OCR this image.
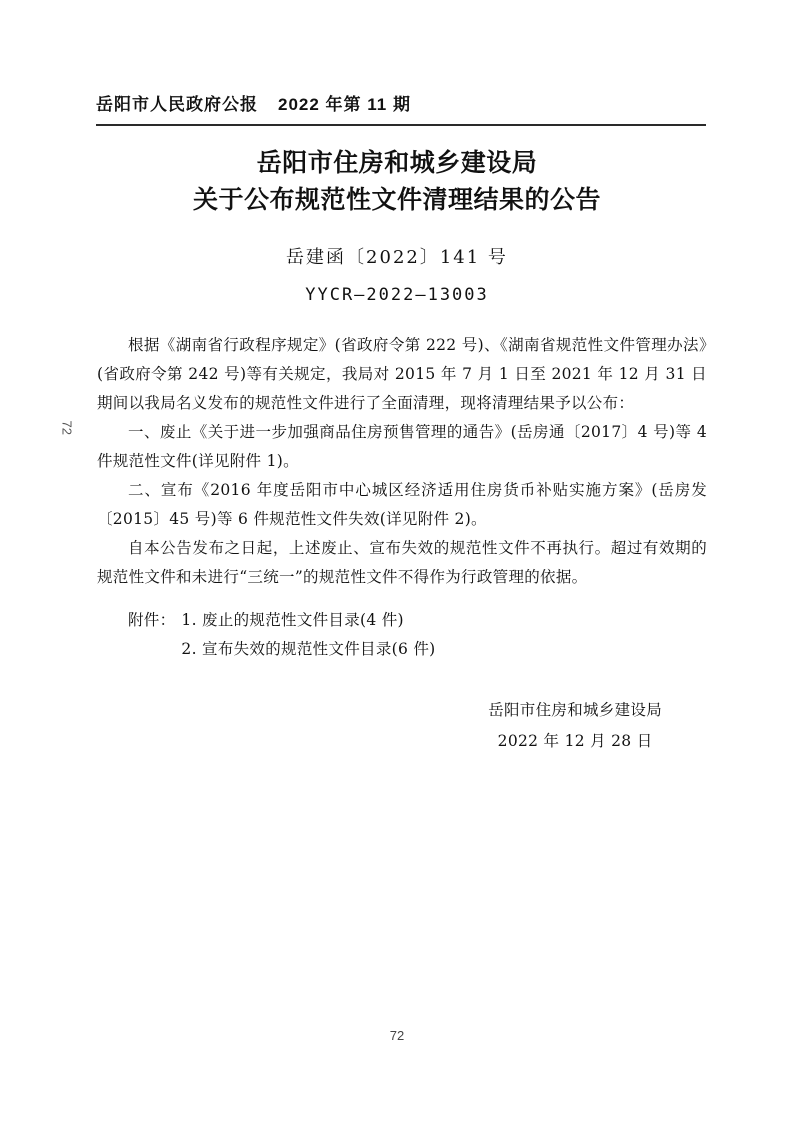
岳阳市人民政府公报 2022 年第 11 期
岳阳市住房和城乡建设局
关于公布规范性文件清理结果的公告
岳建函〔2022〕141 号
YYCR—2022—13003

根据《湖南省行政程序规定》(省政府令第 222 号)、《湖南省规范性文件管理办法》(省政府令第 242 号)等有关规定，我局对 2015 年 7 月 1 日至 2021 年 12 月 31 日期间以我局名义发布的规范性文件进行了全面清理，现将清理结果予以公布：

一、废止《关于进一步加强商品住房预售管理的通告》(岳房通〔2017〕4 号)等 4 件规范性文件(详见附件 1)。

二、宣布《2016 年度岳阳市中心城区经济适用住房货币补贴实施方案》(岳房发〔2015〕45 号)等 6 件规范性文件失效(详见附件 2)。

自本公告发布之日起，上述废止、宣布失效的规范性文件不再执行。超过有效期的规范性文件和未进行“三统一”的规范性文件不得作为行政管理的依据。

附件： 1. 废止的规范性文件目录(4 件)
2. 宣布失效的规范性文件目录(6 件)
岳阳市住房和城乡建设局
2022 年 12 月 28 日
72
72
